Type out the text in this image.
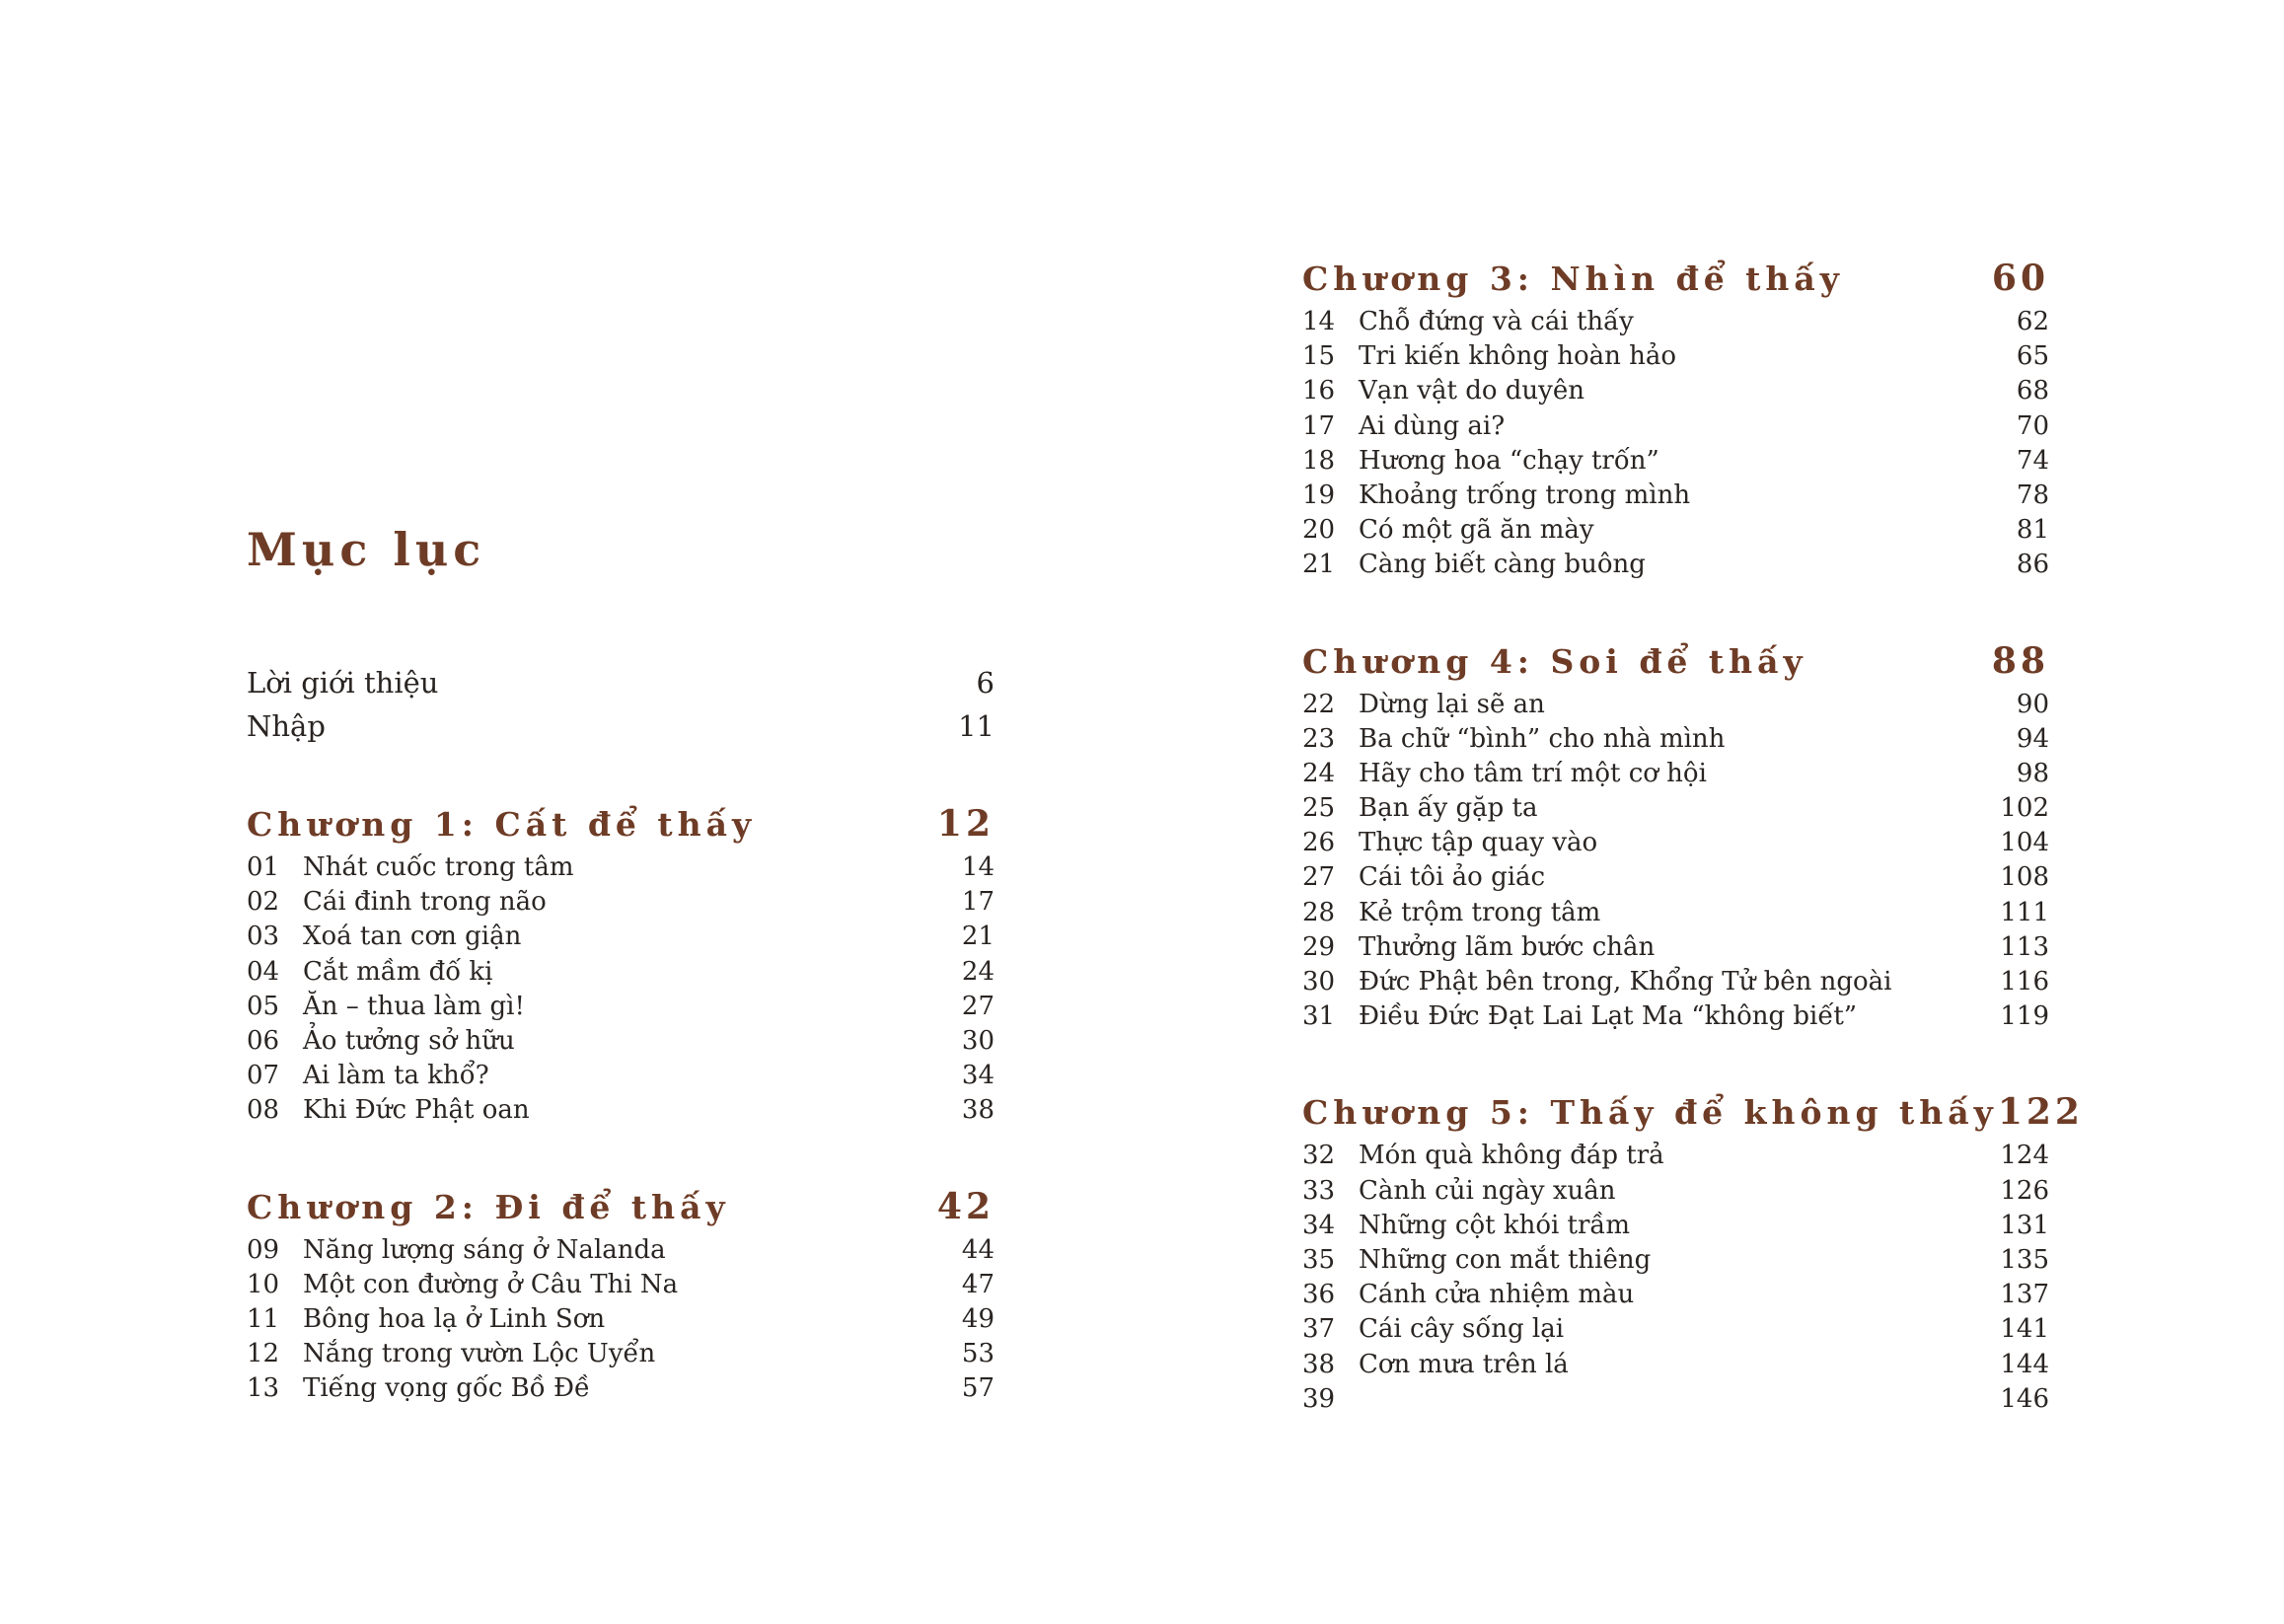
Mục lục
Lời giới thiệu	6
Nhập	11
Chương 1: Cất để thấy	12
01 Nhát cuốc trong tâm	14
02 Cái đinh trong não	17
03 Xoá tan cơn giận	21
04 Cắt mầm đố kị	24
05 Ăn – thua làm gì!	27
06 Ảo tưởng sở hữu	30
07 Ai làm ta khổ?	34
08 Khi Đức Phật oan	38
Chương 2: Đi để thấy	42
09 Năng lượng sáng ở Nalanda	44
10 Một con đường ở Câu Thi Na	47
11 Bông hoa lạ ở Linh Sơn	49
12 Nắng trong vườn Lộc Uyển	53
13 Tiếng vọng gốc Bồ Đề	57
Chương 3: Nhìn để thấy	60
14 Chỗ đứng và cái thấy	62
15 Tri kiến không hoàn hảo	65
16 Vạn vật do duyên	68
17 Ai dùng ai?	70
18 Hương hoa “chạy trốn”	74
19 Khoảng trống trong mình	78
20 Có một gã ăn mày	81
21 Càng biết càng buông	86
Chương 4: Soi để thấy	88
22 Dừng lại sẽ an	90
23 Ba chữ “bình” cho nhà mình	94
24 Hãy cho tâm trí một cơ hội	98
25 Bạn ấy gặp ta	102
26 Thực tập quay vào	104
27 Cái tôi ảo giác	108
28 Kẻ trộm trong tâm	111
29 Thưởng lãm bước chân	113
30 Đức Phật bên trong, Khổng Tử bên ngoài	116
31 Điều Đức Đạt Lai Lạt Ma “không biết”	119
Chương 5: Thấy để không thấy 122
32 Món quà không đáp trả	124
33 Cành củi ngày xuân	126
34 Những cột khói trầm	131
35 Những con mắt thiêng	135
36 Cánh cửa nhiệm màu	137
37 Cái cây sống lại	141
38 Cơn mưa trên lá	144
39	146
